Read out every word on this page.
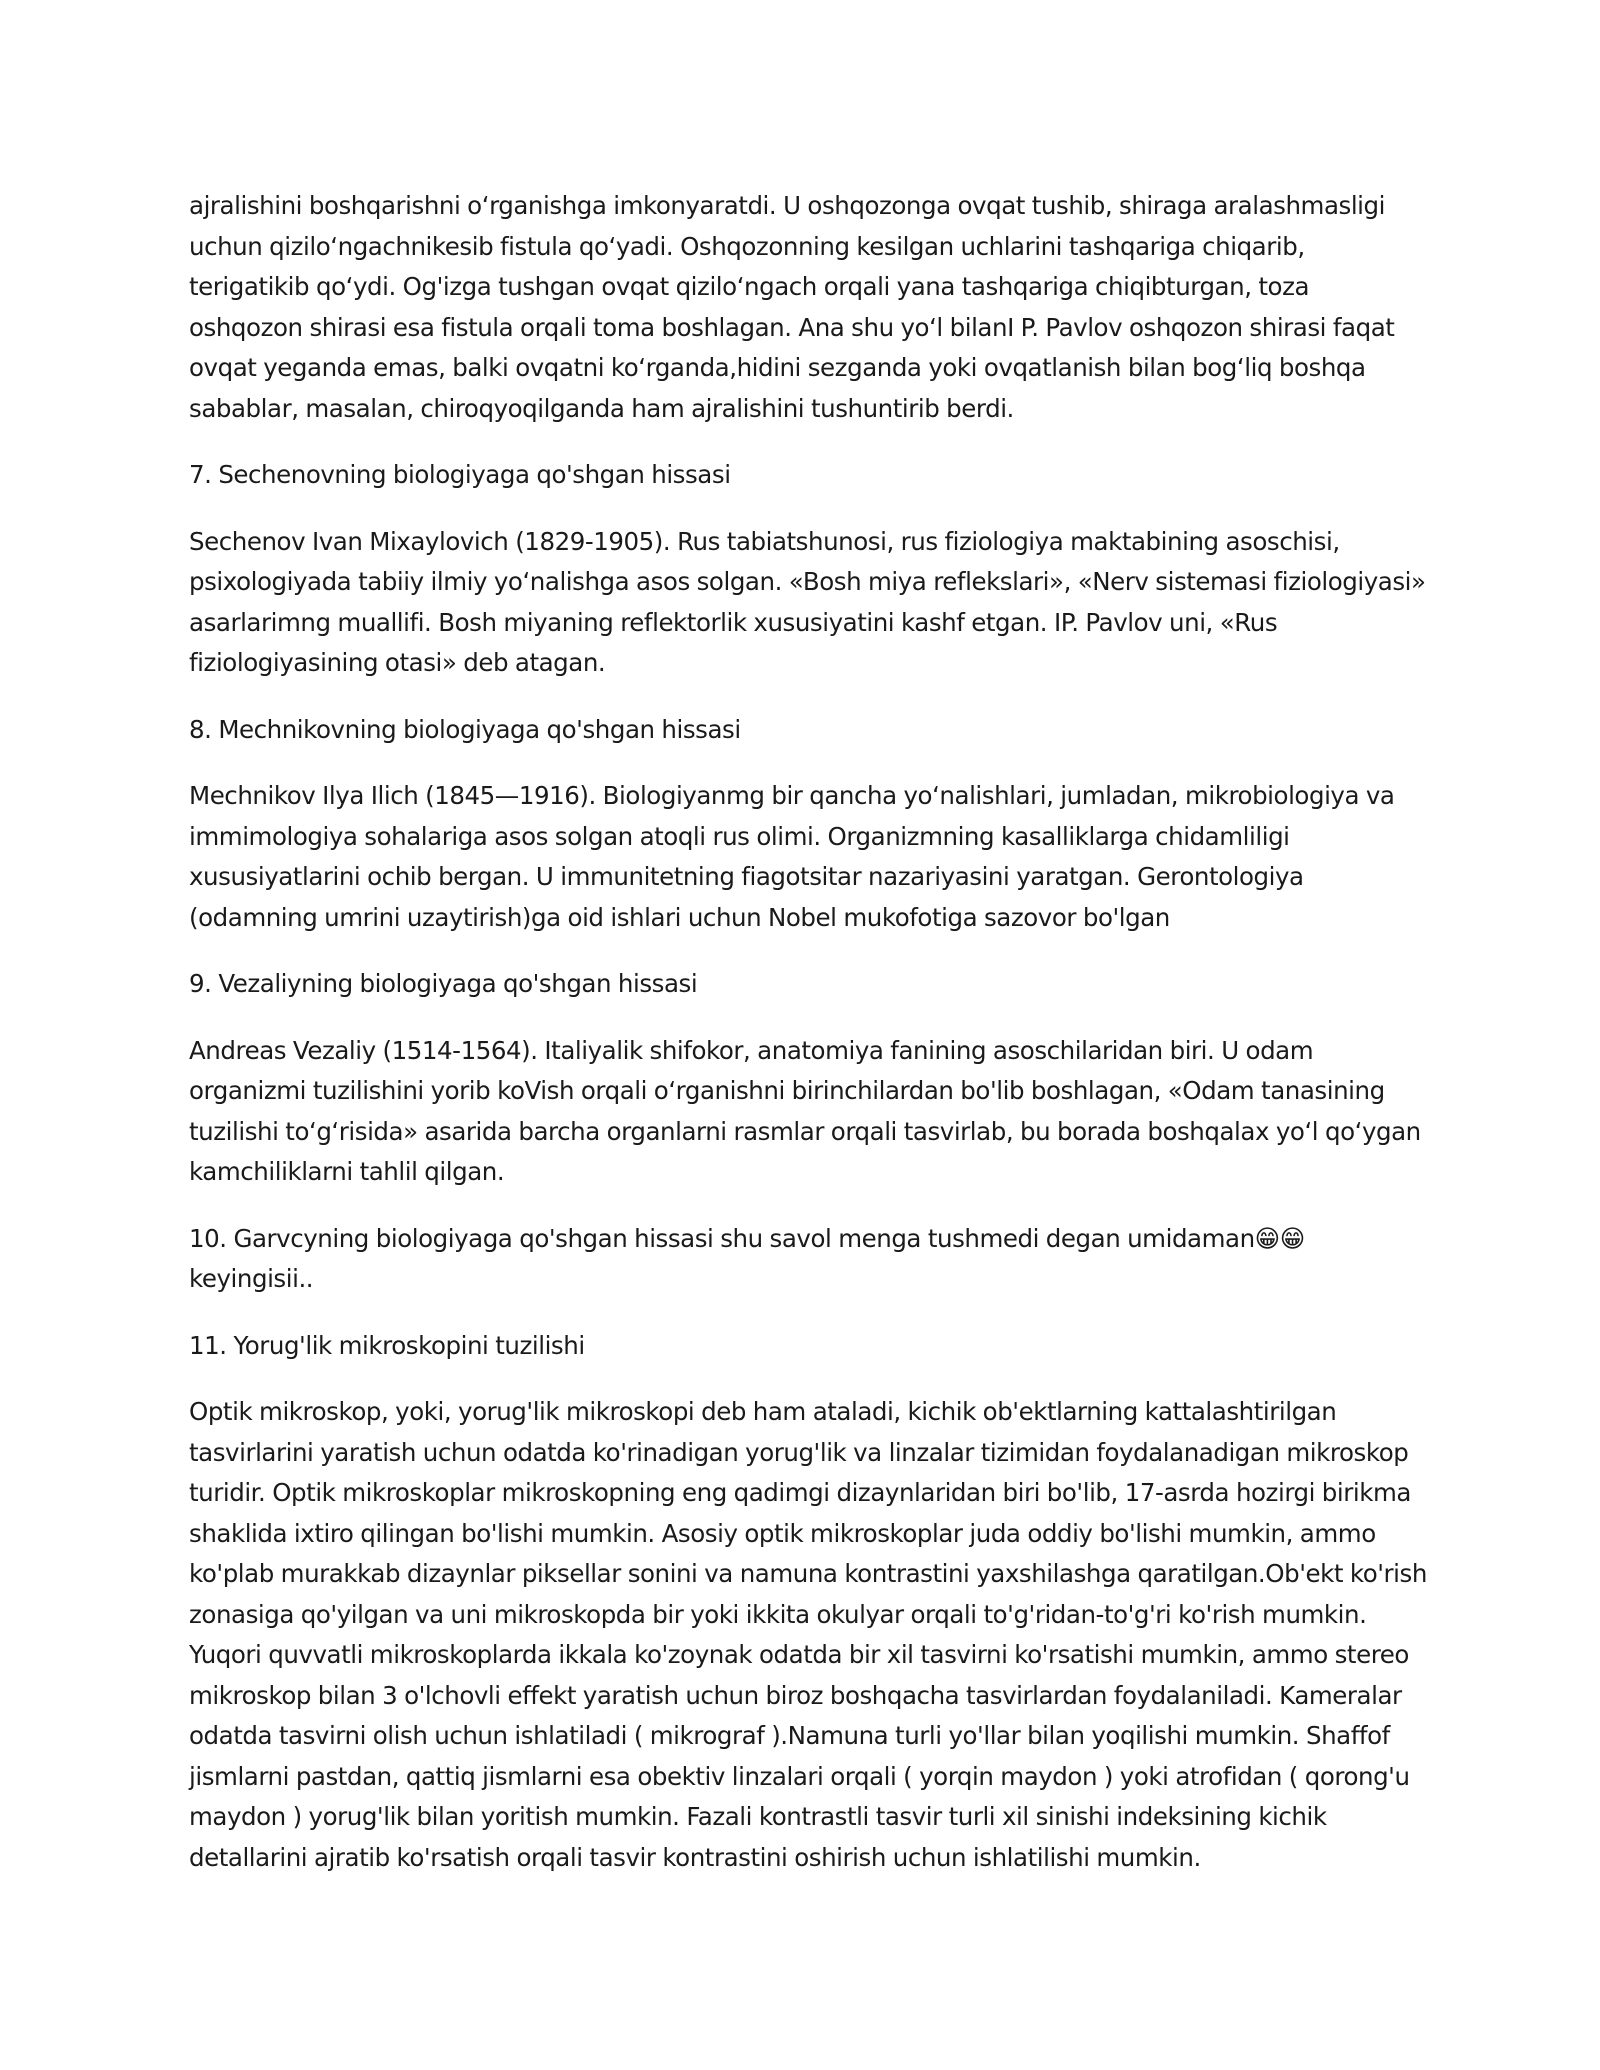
ajralishini boshqarishni o‘rganishga imkonyaratdi. U oshqozonga ovqat tushib, shiraga aralashmasligi uchun qizilo‘ngachnikesib fistula qo‘yadi. Oshqozonning kesilgan uchlarini tashqariga chiqarib, terigatikib qo‘ydi. Og'izga tushgan ovqat qizilo‘ngach orqali yana tashqariga chiqibturgan, toza oshqozon shirasi esa fistula orqali toma boshlagan. Ana shu yo‘l bilanI P. Pavlov oshqozon shirasi faqat ovqat yeganda emas, balki ovqatni ko‘rganda,hidini sezganda yoki ovqatlanish bilan bog‘liq boshqa sabablar, masalan, chiroqyoqilganda ham ajralishini tushuntirib berdi.

7. Sechenovning biologiyaga qo'shgan hissasi

Sechenov Ivan Mixaylovich (1829-1905). Rus tabiatshunosi, rus fiziologiya maktabining asoschisi, psixologiyada tabiiy ilmiy yo‘nalishga asos solgan. «Bosh miya reflekslari», «Nerv sistemasi fiziologiyasi» asarlarimng muallifi. Bosh miyaning reflektorlik xususiyatini kashf etgan. IP. Pavlov uni, «Rus fiziologiyasining otasi» deb atagan.

8. Mechnikovning biologiyaga qo'shgan hissasi

Mechnikov Ilya Ilich (1845—1916). Biologiyanmg bir qancha yo‘nalishlari, jumladan, mikrobiologiya va immimologiya sohalariga asos solgan atoqli rus olimi. Organizmning kasalliklarga chidamliligi xususiyatlarini ochib bergan. U immunitetning fiagotsitar nazariyasini yaratgan. Gerontologiya (odamning umrini uzaytirish)ga oid ishlari uchun Nobel mukofotiga sazovor bo'lgan

9. Vezaliyning biologiyaga qo'shgan hissasi

Andreas Vezaliy (1514-1564). Italiyalik shifokor, anatomiya fanining asoschilaridan biri. U odam organizmi tuzilishini yorib koVish orqali o‘rganishni birinchilardan bo'lib boshlagan, «Odam tanasining tuzilishi to‘g‘risida» asarida barcha organlarni rasmlar orqali tasvirlab, bu borada boshqalax yo‘l qo‘ygan kamchiliklarni tahlil qilgan.

10. Garvcyning biologiyaga qo'shgan hissasi shu savol menga tushmedi degan umidaman😁😁 keyingisii..

11. Yorug'lik mikroskopini tuzilishi

Optik mikroskop, yoki, yorug'lik mikroskopi deb ham ataladi, kichik ob'ektlarning kattalashtirilgan tasvirlarini yaratish uchun odatda ko'rinadigan yorug'lik va linzalar tizimidan foydalanadigan mikroskop turidir. Optik mikroskoplar mikroskopning eng qadimgi dizaynlaridan biri bo'lib, 17-asrda hozirgi birikma shaklida ixtiro qilingan bo'lishi mumkin. Asosiy optik mikroskoplar juda oddiy bo'lishi mumkin, ammo ko'plab murakkab dizaynlar piksellar sonini va namuna kontrastini yaxshilashga qaratilgan.Ob'ekt ko'rish zonasiga qo'yilgan va uni mikroskopda bir yoki ikkita okulyar orqali to'g'ridan-to'g'ri ko'rish mumkin. Yuqori quvvatli mikroskoplarda ikkala ko'zoynak odatda bir xil tasvirni ko'rsatishi mumkin, ammo stereo mikroskop bilan 3 o'lchovli effekt yaratish uchun biroz boshqacha tasvirlardan foydalaniladi. Kameralar odatda tasvirni olish uchun ishlatiladi ( mikrograf ).Namuna turli yo'llar bilan yoqilishi mumkin. Shaffof jismlarni pastdan, qattiq jismlarni esa obektiv linzalari orqali ( yorqin maydon ) yoki atrofidan ( qorong'u maydon ) yorug'lik bilan yoritish mumkin. Fazali kontrastli tasvir turli xil sinishi indeksining kichik detallarini ajratib ko'rsatish orqali tasvir kontrastini oshirish uchun ishlatilishi mumkin.
